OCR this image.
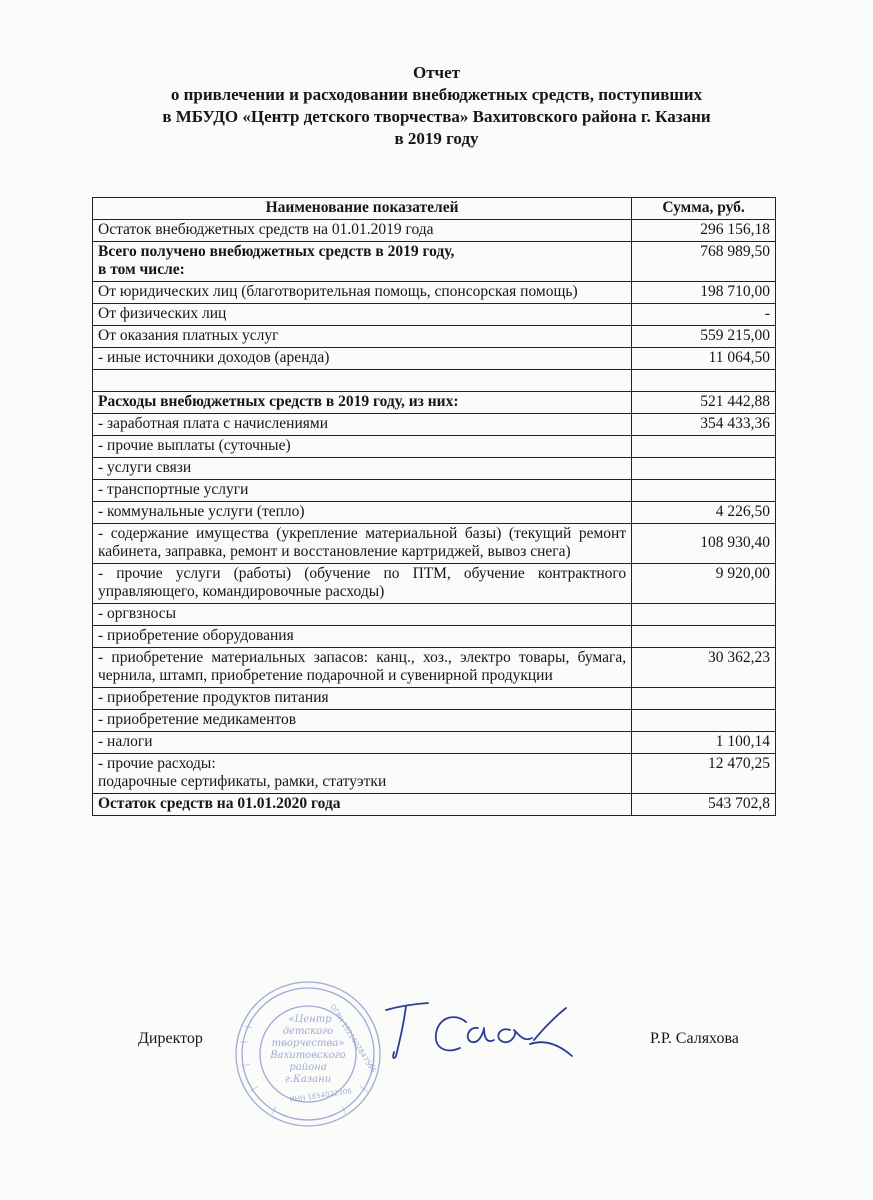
Отчет
о привлечении и расходовании внебюджетных средств, поступивших
в МБУДО «Центр детского творчества» Вахитовского района г. Казани
в 2019 году
Наименование показателей	Сумма, руб.
Остаток внебюджетных средств на 01.01.2019 года	296 156,18
Всего получено внебюджетных средств в 2019 году,
в том числе:	768 989,50
От юридических лиц (благотворительная помощь, спонсорская помощь)	198 710,00
От физических лиц	-
От оказания платных услуг	559 215,00
- иные источники доходов (аренда)	11 064,50

Расходы внебюджетных средств в 2019 году, из них:	521 442,88
- заработная плата с начислениями	354 433,36
- прочие выплаты (суточные)	
- услуги связи	
- транспортные услуги	
- коммунальные услуги (тепло)	4 226,50
- содержание имущества (укрепление материальной базы) (текущий ремонт кабинета, заправка, ремонт и восстановление картриджей, вывоз снега)	108 930,40
- прочие услуги (работы) (обучение по ПТМ, обучение контрактного управляющего, командировочные расходы)	9 920,00
- оргвзносы	
- приобретение оборудования	
- приобретение материальных запасов: канц., хоз., электро товары, бумага, чернила, штамп, приобретение подарочной и сувенирной продукции	30 362,23
- приобретение продуктов питания	
- приобретение медикаментов	
- налоги	1 100,14
- прочие расходы:
подарочные сертификаты, рамки, статуэтки	12 470,25
Остаток средств на 01.01.2020 года	543 702,8
«Центр
детского
творчества»
Вахитовского
района
г.Казани
ОГРН 1021602847596
ИНН 1654022306
Директор	Р.Р. Саляхова
